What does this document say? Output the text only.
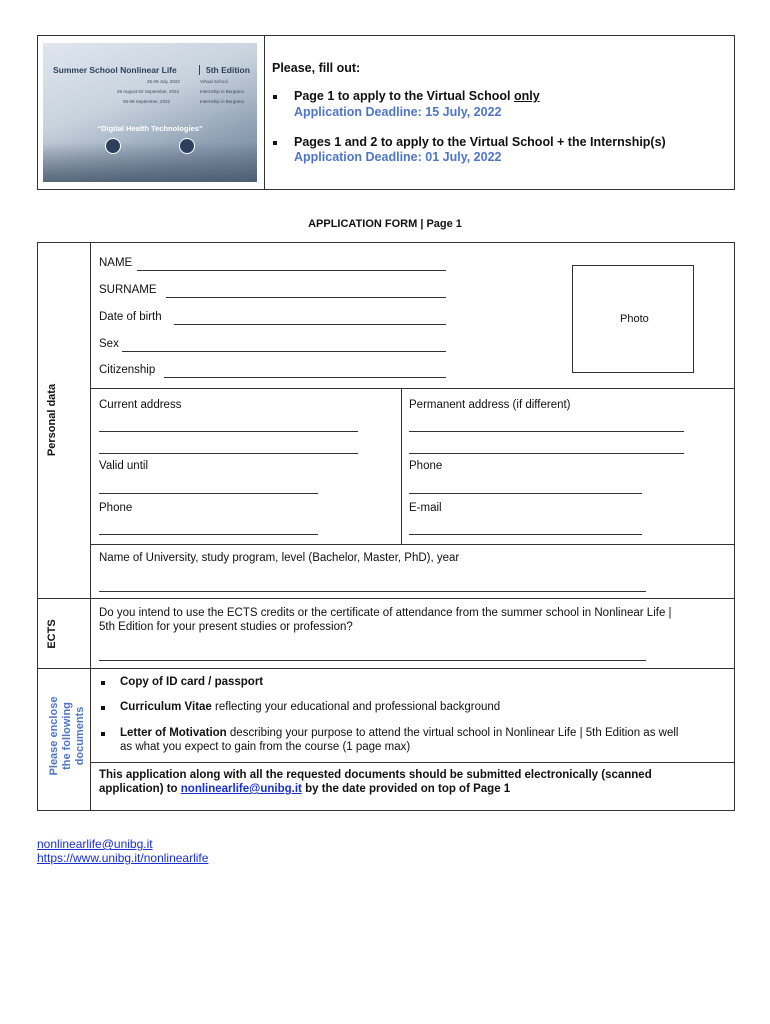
Summer School Nonlinear Life	5th Edition
25-29 July, 2022
29 August-02 September, 2022
05-09 September, 2022
Virtual School
Internship in Bergamo
Internship in Bergamo
“Digital Health Technologies”
Please, fill out:
Page 1 to apply to the Virtual School only
Application Deadline: 15 July, 2022
Pages 1 and 2 to apply to the Virtual School + the Internship(s)
Application Deadline: 01 July, 2022
APPLICATION FORM | Page 1
Personal data
ECTS
Please enclose the following documents
NAME
SURNAME
Date of birth
Sex
Citizenship
Photo
Current address	Permanent address (if different)
Valid until	Phone
Phone	E-mail
Name of University, study program, level (Bachelor, Master, PhD), year
Do you intend to use the ECTS credits or the certificate of attendance from the summer school in Nonlinear Life |
5th Edition for your present studies or profession?
Copy of ID card / passport
Curriculum Vitae reflecting your educational and professional background
Letter of Motivation describing your purpose to attend the virtual school in Nonlinear Life | 5th Edition as well
as what you expect to gain from the course (1 page max)
This application along with all the requested documents should be submitted electronically (scanned
application) to nonlinearlife@unibg.it by the date provided on top of Page 1
nonlinearlife@unibg.it
https://www.unibg.it/nonlinearlife
